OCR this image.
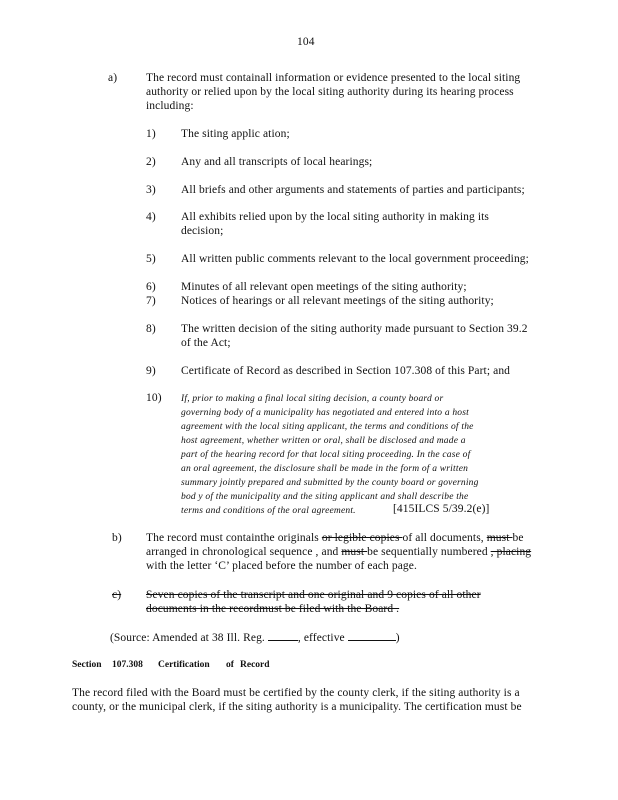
104
a)	The record must containall information or evidence presented to the local siting
authority or relied upon by the local siting authority during its hearing process
including:
1) The siting applic ation;
2) Any and all transcripts of local hearings;
3) All briefs and other arguments and statements of parties and participants;
4) All exhibits relied upon by the local siting authority in making its
decision;
5) All written public comments relevant to the local government proceeding;
6) Minutes of all relevant open meetings of the siting authority;
7) Notices of hearings or all relevant meetings of the siting authority;
8) The written decision of the siting authority made pursuant to Section 39.2
of the Act;
9) Certificate of Record as described in Section 107.308 of this Part; and
10) If, prior to making a final local siting decision, a county board or
governing body of a municipality has negotiated and entered into a host
agreement with the local siting applicant, the terms and conditions of the
host agreement, whether written or oral, shall be disclosed and made a
part of the hearing record for that local siting proceeding. In the case of
an oral agreement, the disclosure shall be made in the form of a written
summary jointly prepared and submitted by the county board or governing
bod y of the municipality and the siting applicant and shall describe the
terms and conditions of the oral agreement.	[415ILCS 5/39.2(e)]
b) The record must containthe originals or legible copies of all documents, must be
arranged in chronological sequence , and must be sequentially numbered , placing
with the letter ‘C’ placed before the number of each page.
c) Seven copies of the transcript and one original and 9 copies of all other
documents in the recordmust be filed with the Board .
(Source: Amended at 38 Ill. Reg.	, effective	)
Section 107.308 Certification of Record
The record filed with the Board must be certified by the county clerk, if the siting authority is a
county, or the municipal clerk, if the siting authority is a municipality. The certification must be
